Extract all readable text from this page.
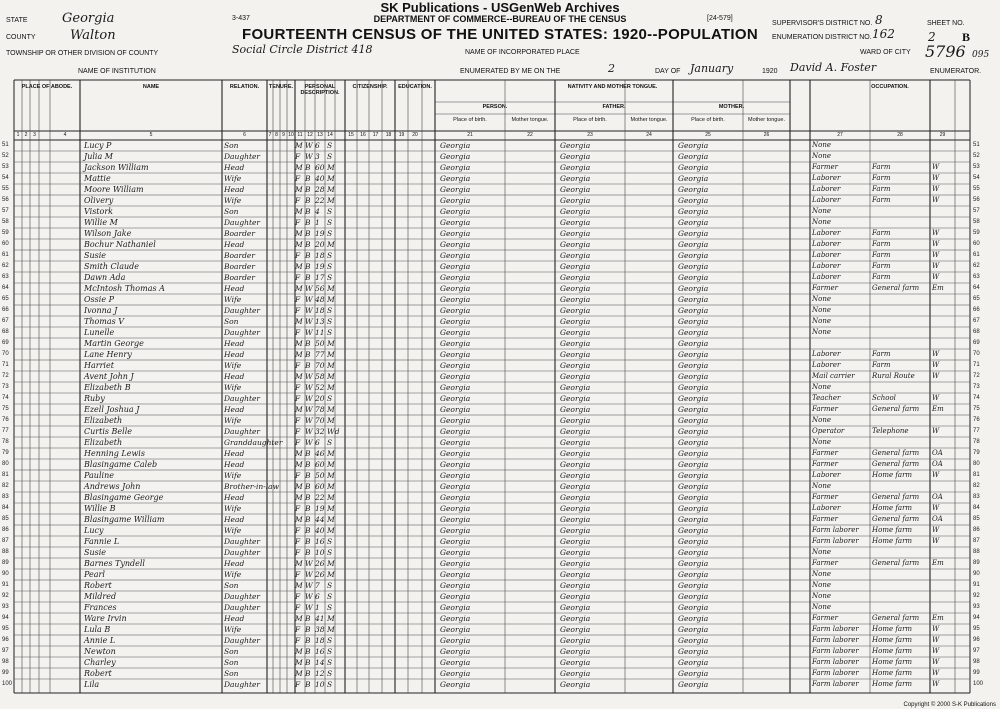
SK Publications - USGenWeb Archives
3-437	[24-579]
DEPARTMENT OF COMMERCE--BUREAU OF THE CENSUS
FOURTEENTH CENSUS OF THE UNITED STATES: 1920--POPULATION
STATE	Georgia
COUNTY	Walton
TOWNSHIP OR OTHER DIVISION OF COUNTY	Social Circle District 418
NAME OF INSTITUTION
NAME OF INCORPORATED PLACE
ENUMERATED BY ME ON THE	2	DAY OF January	1920 David A. Foster	ENUMERATOR.
SUPERVISOR'S DISTRICT NO. 8
ENUMERATION DISTRICT NO. 162
WARD OF CITY
SHEET NO.
2 B
5796 095
PLACE OF ABODE.	NAME	RELATION.	TENURE.	PERSONAL DESCRIPTION.
CITIZENSHIP.	EDUCATION.	NATIVITY AND MOTHER TONGUE.
PERSON.	FATHER.	MOTHER.
Place of birth.	Mother tongue.	Place of birth.	Mother tongue.	Place of birth.	Mother tongue.
OCCUPATION.
1	2	3	4	5	6	7 8 9 10 11 12 13 14	15	16	17	18	19	20	21	22	23	24	25	26	27	28	29
51	51
Lucy P	Son	M W 6 S	Georgia	Georgia	Georgia	None
52	52
Julia M	Daughter	F W 3 S	Georgia	Georgia	Georgia	None
53	53
Jackson William	Head	M B 60 M	Georgia	Georgia	Georgia	Farmer	Farm	W
54	54
Mattie	Wife	F B 40 M	Georgia	Georgia	Georgia	Laborer	Farm	W
55	55
Moore William	Head	M B 28 M	Georgia	Georgia	Georgia	Laborer	Farm	W
56	56
Olivery	Wife	F B 22 M	Georgia	Georgia	Georgia	Laborer	Farm	W
57	57
Vistork	Son	M B 4 S	Georgia	Georgia	Georgia	None
58	58
Willie M	Daughter	F B 1 S	Georgia	Georgia	Georgia	None
59	59
Wilson Jake	Boarder	M B 19 S	Georgia	Georgia	Georgia	Laborer	Farm	W
60	60
Bochur Nathaniel	Head	M B 20 M	Georgia	Georgia	Georgia	Laborer	Farm	W
61	61
Susie	Boarder	F B 18 S	Georgia	Georgia	Georgia	Laborer	Farm	W
62	62
Smith Claude	Boarder	M B 19 S	Georgia	Georgia	Georgia	Laborer	Farm	W
63	63
Dawn Ada	Boarder	F B 17 S	Georgia	Georgia	Georgia	Laborer	Farm	W
64	64
McIntosh Thomas A	Head	M W 56 M	Georgia	Georgia	Georgia	Farmer	General farm	Em
65	65
Ossie P	Wife	F W 48 M	Georgia	Georgia	Georgia	None
66	66
Ivonna J	Daughter	F W 18 S	Georgia	Georgia	Georgia	None
67	67
Thomas V	Son	M W 13 S	Georgia	Georgia	Georgia	None
68	68
Lunelle	Daughter	F W 11 S	Georgia	Georgia	Georgia	None
69	69
Martin George	Head	M B 50 M	Georgia	Georgia	Georgia
70	70
Lane Henry	Head	M B 77 M	Georgia	Georgia	Georgia	Laborer	Farm	W
71	71
Harriet	Wife	F B 70 M	Georgia	Georgia	Georgia	Laborer	Farm	W
72	72
Avent John J	Head	M W 58 M	Georgia	Georgia	Georgia	Mail carrier	Rural Route	W
73	73
Elizabeth B	Wife	F W 52 M	Georgia	Georgia	Georgia	None
74	74
Ruby	Daughter	F W 20 S	Georgia	Georgia	Georgia	Teacher	School	W
75	75
Ezell Joshua J	Head	M W 78 M	Georgia	Georgia	Georgia	Farmer	General farm	Em
76	76
Elizabeth	Wife	F W 70 M	Georgia	Georgia	Georgia	None
77	77
Curtis Belle	Daughter	F W 32 Wd	Georgia	Georgia	Georgia	Operator	Telephone	W
78	78
Elizabeth	Granddaughter F W 6 S	Georgia	Georgia	Georgia	None
79	79
Henning Lewis	Head	M B 46 M	Georgia	Georgia	Georgia	Farmer	General farm	OA
80	80
Blasingame Caleb	Head	M B 60 M	Georgia	Georgia	Georgia	Farmer	General farm	OA
81	81
Pauline	Wife	F B 50 M	Georgia	Georgia	Georgia	Laborer	Home farm	W
82	82
Andrews John	Brother-in-law M B 60 M	Georgia	Georgia	Georgia	None
83	83
Blasingame George	Head	M B 22 M	Georgia	Georgia	Georgia	Farmer	General farm	OA
84	84
Willie B	Wife	F B 19 M	Georgia	Georgia	Georgia	Laborer	Home farm	W
85	85
Blasingame William	Head	M B 44 M	Georgia	Georgia	Georgia	Farmer	General farm	OA
86	86
Lucy	Wife	F B 40 M	Georgia	Georgia	Georgia	Farm laborer	Home farm	W
87	87
Fannie L	Daughter	F B 16 S	Georgia	Georgia	Georgia	Farm laborer	Home farm	W
88	88
Susie	Daughter	F B 10 S	Georgia	Georgia	Georgia	None
89	89
Barnes Tyndell	Head	M W 26 M	Georgia	Georgia	Georgia	Farmer	General farm	Em
90	90
Pearl	Wife	F W 26 M	Georgia	Georgia	Georgia	None
91	91
Robert	Son	M W 7 S	Georgia	Georgia	Georgia	None
92	92
Mildred	Daughter	F W 6 S	Georgia	Georgia	Georgia	None
93	93
Frances	Daughter	F W 1 S	Georgia	Georgia	Georgia	None
94	94
Ware Irvin	Head	M B 41 M	Georgia	Georgia	Georgia	Farmer	General farm	Em
95	95
Lula B	Wife	F B 38 M	Georgia	Georgia	Georgia	Farm laborer	Home farm	W
96	96
Annie L	Daughter	F B 18 S	Georgia	Georgia	Georgia	Farm laborer	Home farm	W
97	97
Newton	Son	M B 16 S	Georgia	Georgia	Georgia	Farm laborer	Home farm	W
98	98
Charley	Son	M B 14 S	Georgia	Georgia	Georgia	Farm laborer	Home farm	W
99	99
Robert	Son	M B 12 S	Georgia	Georgia	Georgia	Farm laborer	Home farm	W
100	100
Lila	Daughter	F B 10 S	Georgia	Georgia	Georgia	Farm laborer	Home farm	W
Copyright © 2000 S-K Publications
